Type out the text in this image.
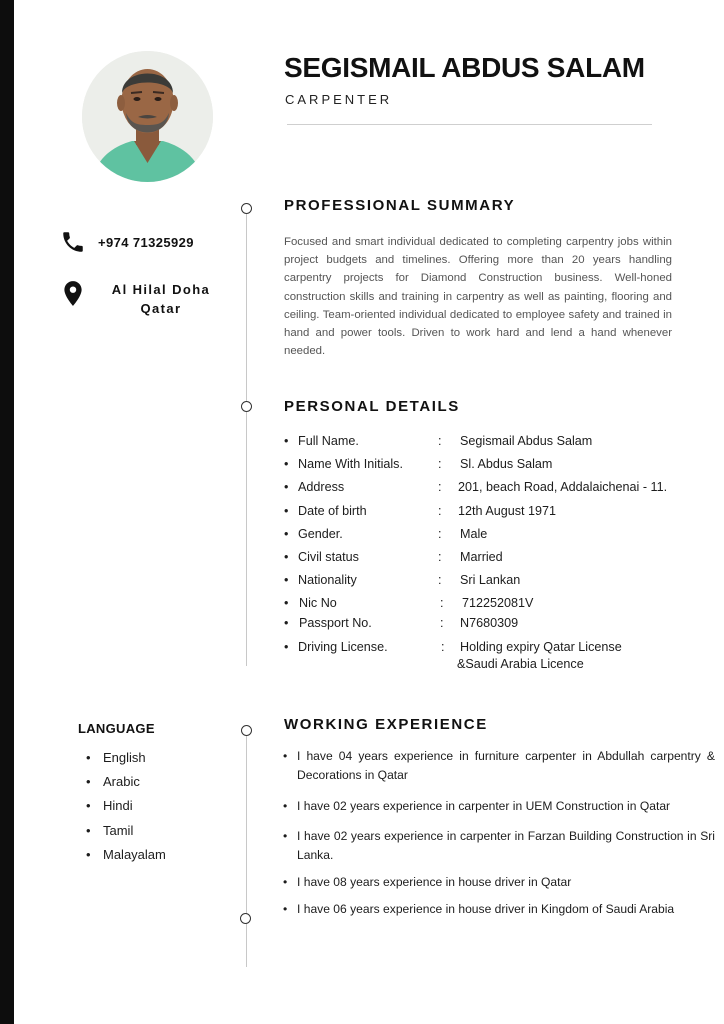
SEGISMAIL ABDUS SALAM
CARPENTER
+974 71325929
Al Hilal Doha
Qatar
PROFESSIONAL SUMMARY

Focused and smart individual dedicated to completing carpentry jobs within project budgets and timelines. Offering more than 20 years handling carpentry projects for Diamond Construction business. Well-honed construction skills and training in carpentry as well as painting, flooring and ceiling. Team-oriented individual dedicated to employee safety and trained in hand and power tools. Driven to work hard and lend a hand whenever needed.

PERSONAL DETAILS
• Full Name.	: Segismail Abdus Salam
• Name With Initials.	: Sl. Abdus Salam
• Address	: 201, beach Road, Addalaichenai - 11.
• Date of birth	: 12th August 1971
• Gender.	: Male
• Civil status	: Married
• Nationality	: Sri Lankan
• Nic No	: 712252081V
• Passport No.	: N7680309
• Driving License.	: Holding expiry Qatar License
&Saudi Arabia Licence
LANGUAGE
• English
• Arabic
• Hindi
• Tamil
• Malayalam
WORKING EXPERIENCE
• I have 04 years experience in furniture carpenter in Abdullah carpentry & Decorations in Qatar
• I have 02 years experience in carpenter in UEM Construction in Qatar
• I have 02 years experience in carpenter in Farzan Building Construction in Sri Lanka.
• I have 08 years experience in house driver in Qatar
• I have 06 years experience in house driver in Kingdom of Saudi Arabia
